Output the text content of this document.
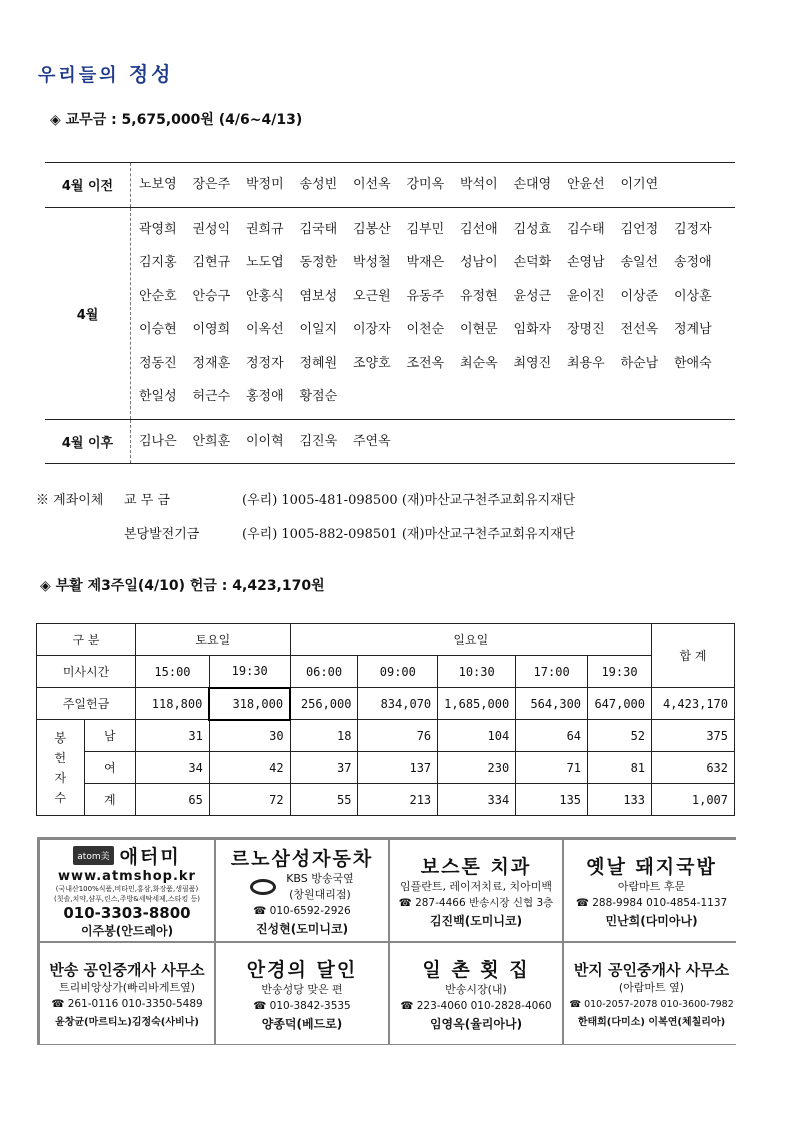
우리들의 정성
◈ 교무금 : 5,675,000원 (4/6~4/13)
4월 이전	노보영	장은주	박정미	송성빈	이선옥	강미옥	박석이	손대영	안윤선	이기연
4월
곽영희	권성익	권희규	김국태	김봉산	김부민	김선애	김성효	김수태	김언정	김정자
김지홍	김현규	노도엽	동정한	박성철	박재은	성남이	손덕화	손영남	송일선	송정애
안순호	안승구	안홍식	염보성	오근원	유동주	유정현	윤성근	윤이진	이상준	이상훈
이승현	이영희	이옥선	이일지	이장자	이천순	이현문	임화자	장명진	전선옥	정계남
정동진	정재훈	정정자	정혜원	조양호	조전옥	최순옥	최영진	최용우	하순남	한애숙
한일성	허근수	홍정애	황점순
4월 이후	김나은	안희훈	이이혁	김진욱	주연옥
※ 계좌이체 교 무 금	(우리) 1005-481-098500 (재)마산교구천주교회유지재단
본당발전기금	(우리) 1005-882-098501 (재)마산교구천주교회유지재단
◈ 부활 제3주일(4/10) 헌금 : 4,423,170원
구 분		토요일		일요일					합 계
미사시간		15:00	19:30	06:00	09:00	10:30	17:00	19:30	
주일헌금		118,800	318,000	256,000	834,070	1,685,000	564,300	647,000	4,423,170

봉
헌
자
수	남	31	30	18	76	104	64	52	375
	여	34	42	37	137	230	71	81	632
	계	65	72	55	213	334	135	133	1,007
atom美 애터미
www.atmshop.kr
(국내산100%식품,비타민,홍삼,화장품,생필품)
(칫솔,치약,샴푸,린스,주방&세탁세제,스타킹 등)
010-3303-8800
이주봉(안드레아)
르노삼성자동차
KBS 방송국옆
(창원대리점)
☎ 010-6592-2926
진성현(도미니코)
보스톤 치과
임플란트, 레이저치료, 치아미백
☎ 287-4466 반송시장 신협 3층
김진백(도미니코)
옛날 돼지국밥
아람마트 후문
☎ 288-9984 010-4854-1137
민난희(다미아나)
반송 공인중개사 사무소
트리비앙상가(빠리바게트옆)
☎ 261-0116 010-3350-5489
윤창균(마르티노)김정숙(사비나)
안경의 달인
반송성당 맞은 편
☎ 010-3842-3535
양종덕(베드로)
일 촌 횟 집
반송시장(내)
☎ 223-4060 010-2828-4060
임영옥(율리아나)
반지 공인중개사 사무소
(아람마트 옆)
☎ 010-2057-2078 010-3600-7982
한태희(다미소) 이복연(체칠리아)
